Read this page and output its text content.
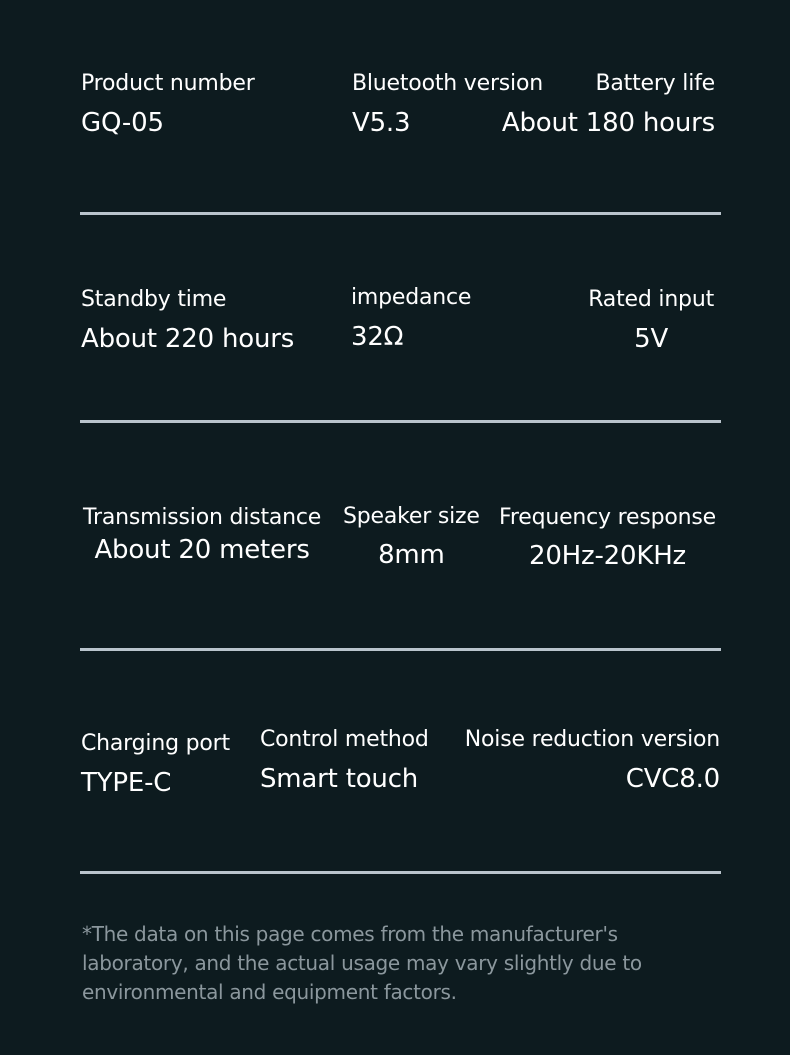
Product number
GQ-05
Bluetooth version
V5.3
Battery life
About 180 hours
Standby time
About 220 hours
impedance
32Ω
Rated input
5V
Transmission distance
About 20 meters
Speaker size
8mm
Frequency response
20Hz-20KHz
Charging port
TYPE-C
Control method
Smart touch
Noise reduction version
CVC8.0
*The data on this page comes from the manufacturer's laboratory, and the actual usage may vary slightly due to environmental and equipment factors.
